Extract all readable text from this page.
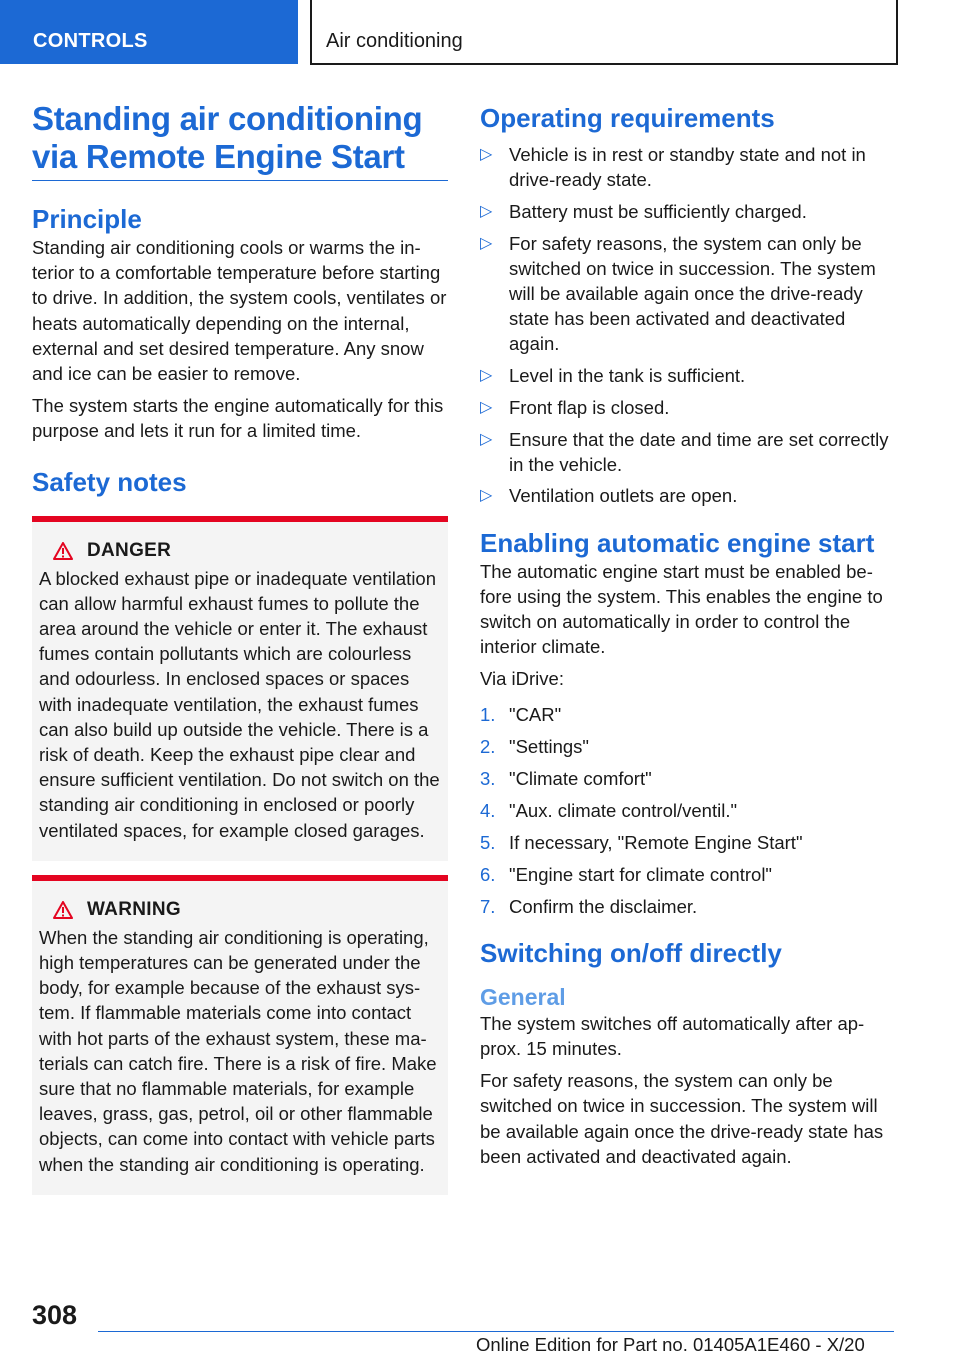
CONTROLS	Air conditioning
Standing air conditioning via Remote Engine Start
Principle

Standing air conditioning cools or warms the interior to a comfortable temperature before starting to drive. In addition, the system cools, ventilates or heats automatically depending on the internal, external and set desired temperature. Any snow and ice can be easier to remove.

The system starts the engine automatically for this purpose and lets it run for a limited time.

Safety notes
DANGER

A blocked exhaust pipe or inadequate ventilation can allow harmful exhaust fumes to pollute the area around the vehicle or enter it. The exhaust fumes contain pollutants which are colourless and odourless. In enclosed spaces or spaces with inadequate ventilation, the exhaust fumes can also build up outside the vehicle. There is a risk of death. Keep the exhaust pipe clear and ensure sufficient ventilation. Do not switch on the standing air conditioning in enclosed or poorly ventilated spaces, for example closed garages.

WARNING

When the standing air conditioning is operating, high temperatures can be generated under the body, for example because of the exhaust system. If flammable materials come into contact with hot parts of the exhaust system, these materials can catch fire. There is a risk of fire. Make sure that no flammable materials, for example leaves, grass, gas, petrol, oil or other flammable objects, can come into contact with vehicle parts when the standing air conditioning is operating.

Operating requirements
▷ Vehicle is in rest or standby state and not in drive-ready state.
▷ Battery must be sufficiently charged.
▷ For safety reasons, the system can only be switched on twice in succession. The system will be available again once the drive-ready state has been activated and deactivated again.
▷ Level in the tank is sufficient.
▷ Front flap is closed.
▷ Ensure that the date and time are set correctly in the vehicle.
▷ Ventilation outlets are open.
Enabling automatic engine start

The automatic engine start must be enabled before using the system. This enables the engine to switch on automatically in order to control the interior climate.

Via iDrive:

1. "CAR"
2. "Settings"
3. "Climate comfort"
4. "Aux. climate control/ventil."
5. If necessary, "Remote Engine Start"
6. "Engine start for climate control"
7. Confirm the disclaimer.
Switching on/off directly
General

The system switches off automatically after approx. 15 minutes.

For safety reasons, the system can only be switched on twice in succession. The system will be available again once the drive-ready state has been activated and deactivated again.

308
Online Edition for Part no. 01405A1E460 - X/20
